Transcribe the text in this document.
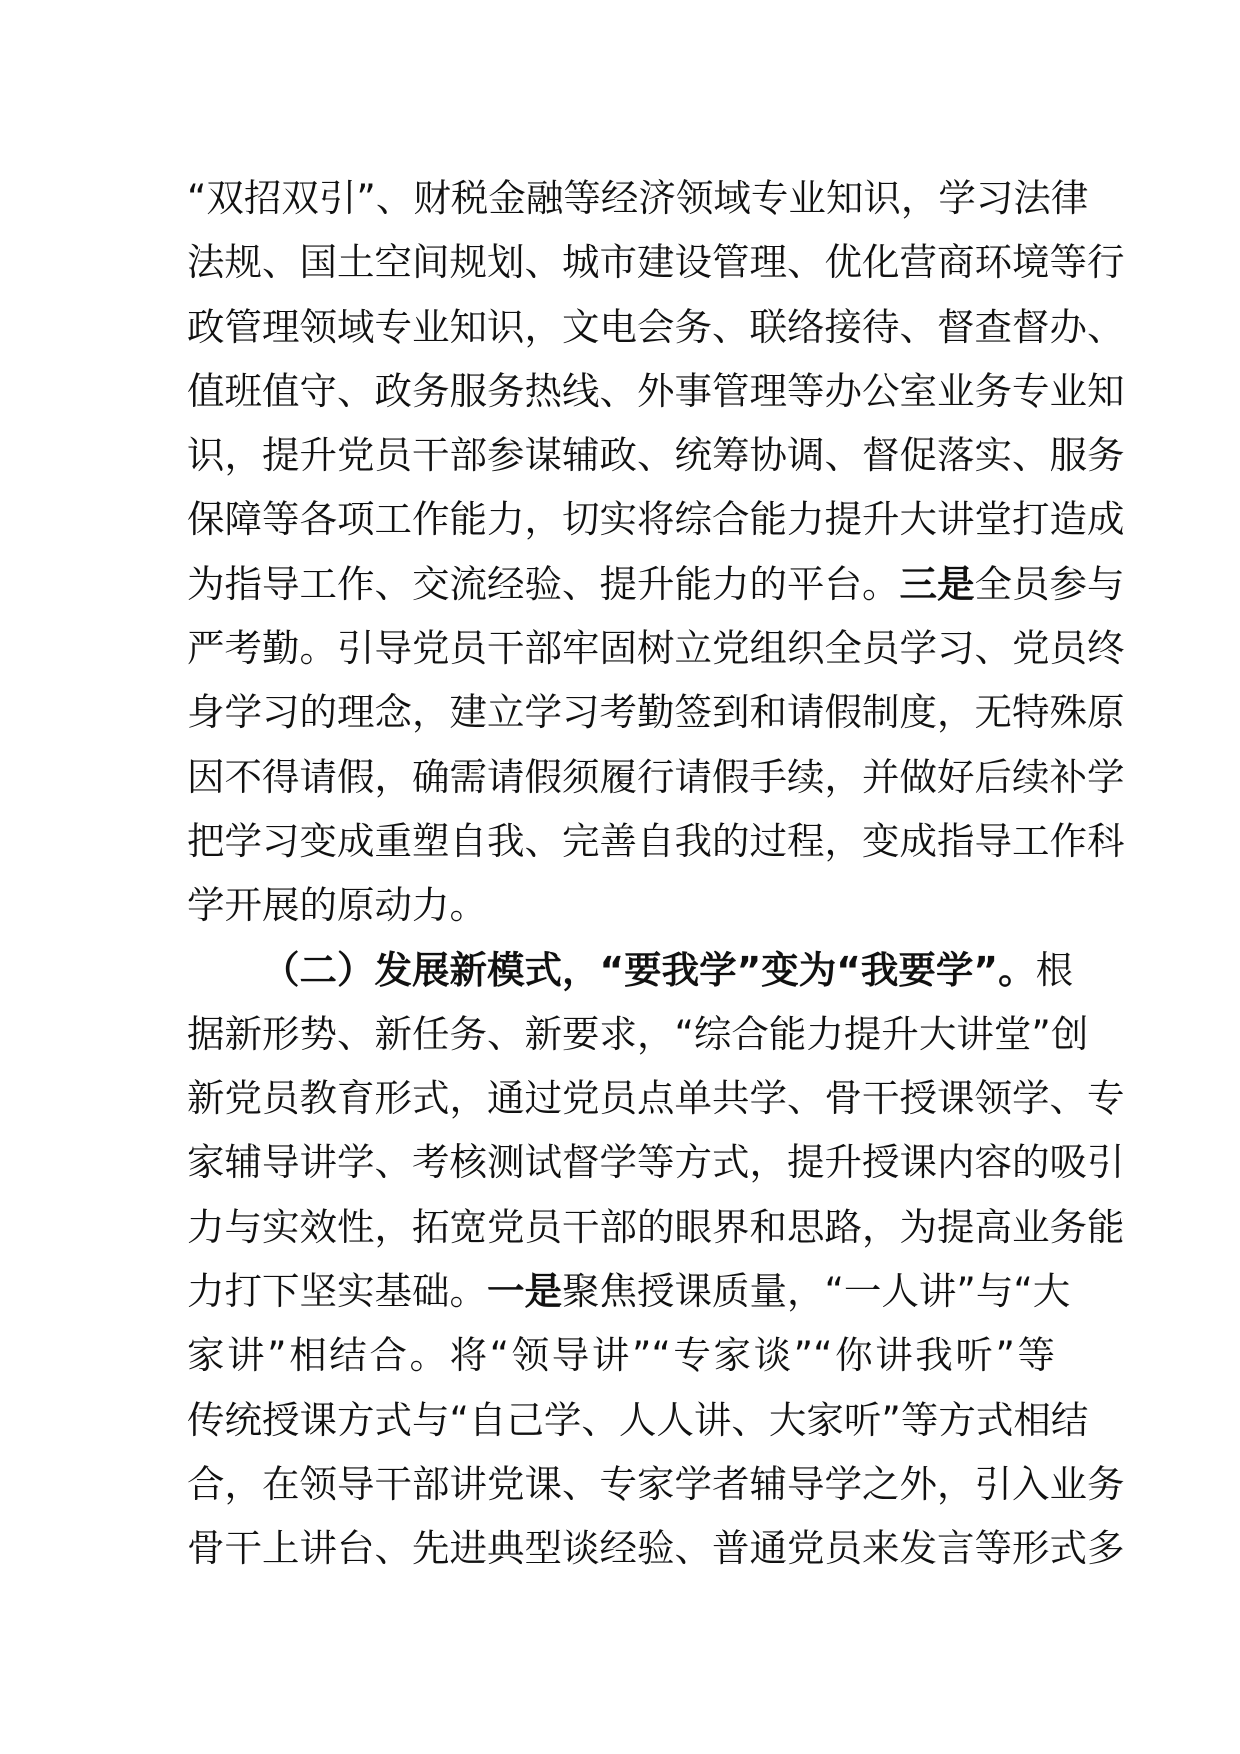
“双招双引”、财税金融等经济领域专业知识，学习法律
法规、国土空间规划、城市建设管理、优化营商环境等行
政管理领域专业知识，文电会务、联络接待、督查督办、
值班值守、政务服务热线、外事管理等办公室业务专业知
识，提升党员干部参谋辅政、统筹协调、督促落实、服务
保障等各项工作能力，切实将综合能力提升大讲堂打造成
为指导工作、交流经验、提升能力的平台。三是全员参与
严考勤。引导党员干部牢固树立党组织全员学习、党员终
身学习的理念，建立学习考勤签到和请假制度，无特殊原
因不得请假，确需请假须履行请假手续，并做好后续补学
把学习变成重塑自我、完善自我的过程，变成指导工作科
学开展的原动力。
（二）发展新模式，“要我学”变为“我要学”。根
据新形势、新任务、新要求，“综合能力提升大讲堂”创
新党员教育形式，通过党员点单共学、骨干授课领学、专
家辅导讲学、考核测试督学等方式，提升授课内容的吸引
力与实效性，拓宽党员干部的眼界和思路，为提高业务能
力打下坚实基础。一是聚焦授课质量，“一人讲”与“大
家讲”相结合。将“领导讲”“专家谈”“你讲我听”等
传统授课方式与“自己学、人人讲、大家听”等方式相结
合，在领导干部讲党课、专家学者辅导学之外，引入业务
骨干上讲台、先进典型谈经验、普通党员来发言等形式多
